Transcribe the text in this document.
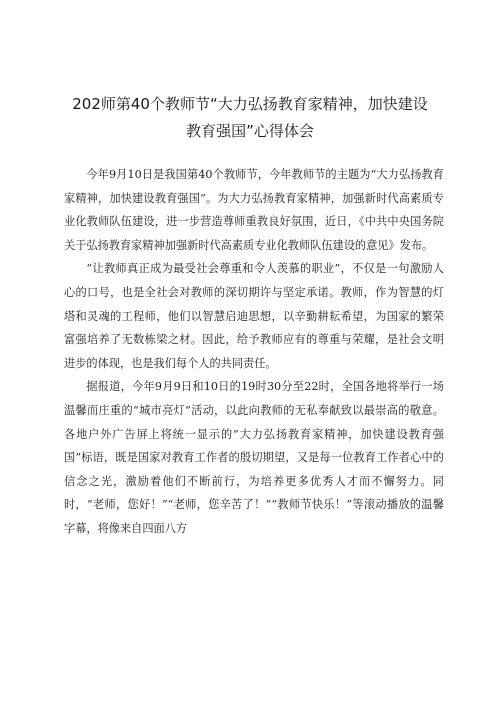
202师第40个教师节“大力弘扬教育家精神，加快建设
教育强国”心得体会

今年9月10日是我国第40个教师节，今年教师节的主题为“大力弘扬教育家精神，加快建设教育强国”。为大力弘扬教育家精神，加强新时代高素质专业化教师队伍建设，进一步营造尊师重教良好氛围，近日，《中共中央国务院关于弘扬教育家精神加强新时代高素质专业化教师队伍建设的意见》发布。

“让教师真正成为最受社会尊重和令人羡慕的职业”，不仅是一句激励人心的口号，也是全社会对教师的深切期许与坚定承诺。教师，作为智慧的灯塔和灵魂的工程师，他们以智慧启迪思想，以辛勤耕耘希望，为国家的繁荣富强培养了无数栋梁之材。因此，给予教师应有的尊重与荣耀，是社会文明进步的体现，也是我们每个人的共同责任。

据报道，今年9月9日和10日的19时30分至22时，全国各地将举行一场温馨而庄重的“城市亮灯”活动，以此向教师的无私奉献致以最崇高的敬意。各地户外广告屏上将统一显示的“大力弘扬教育家精神，加快建设教育强国”标语，既是国家对教育工作者的殷切期望，又是每一位教育工作者心中的信念之光，激励着他们不断前行，为培养更多优秀人才而不懈努力。同时，“老师，您好！”“老师，您辛苦了！”“教师节快乐！”等滚动播放的温馨字幕，将像来自四面八方
